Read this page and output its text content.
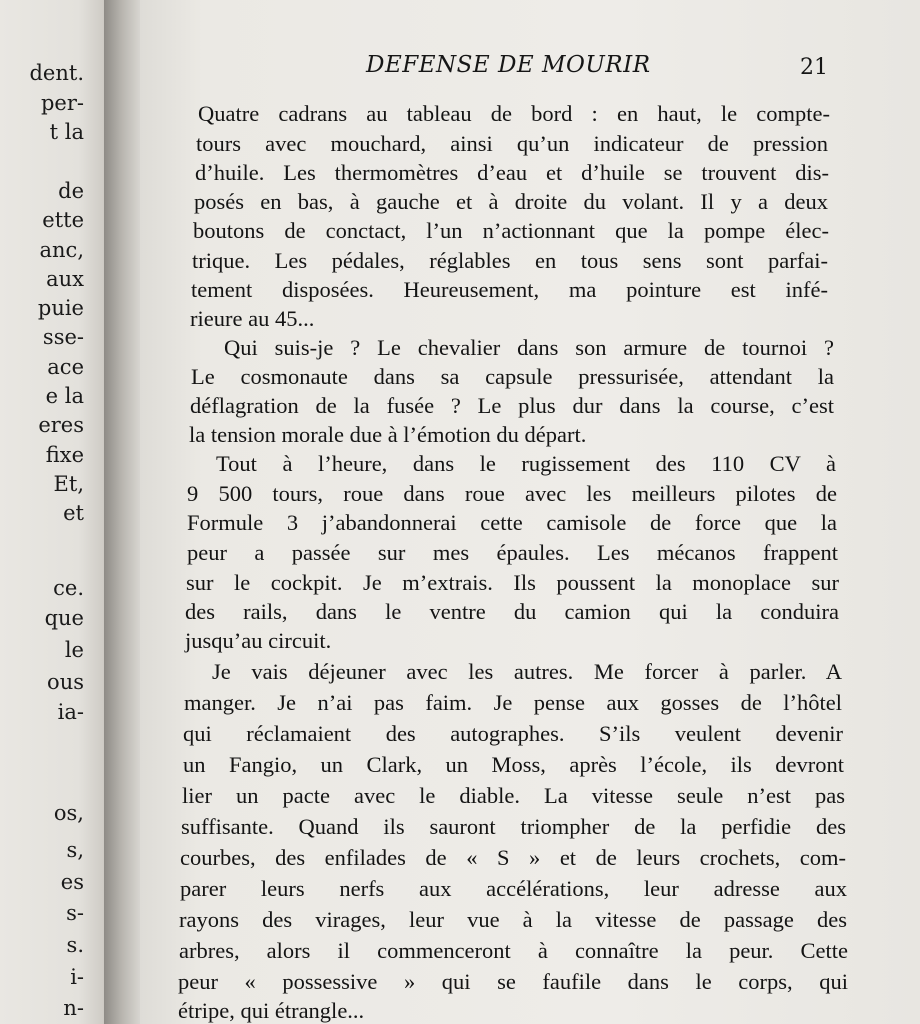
dent.
per-
t la
de
ette
anc,
aux
puie
sse-
ace
e la
eres
fixe
Et,
et
ce.
que
le
ous
ia-
os,
s,
es
s-
s.
i-
n-
DEFENSE DE MOURIR	21
Quatre cadrans au tableau de bord : en haut, le compte-
tours avec mouchard, ainsi qu’un indicateur de pression
d’huile. Les thermomètres d’eau et d’huile se trouvent dis-
posés en bas, à gauche et à droite du volant. Il y a deux
boutons de conctact, l’un n’actionnant que la pompe élec-
trique. Les pédales, réglables en tous sens sont parfai-
tement disposées. Heureusement, ma pointure est infé-
rieure au 45...
Qui suis-je ? Le chevalier dans son armure de tournoi ?
Le cosmonaute dans sa capsule pressurisée, attendant la
déflagration de la fusée ? Le plus dur dans la course, c’est
la tension morale due à l’émotion du départ.
Tout à l’heure, dans le rugissement des 110 CV à
9 500 tours, roue dans roue avec les meilleurs pilotes de
Formule 3 j’abandonnerai cette camisole de force que la
peur a passée sur mes épaules. Les mécanos frappent
sur le cockpit. Je m’extrais. Ils poussent la monoplace sur
des rails, dans le ventre du camion qui la conduira
jusqu’au circuit.
Je vais déjeuner avec les autres. Me forcer à parler. A
manger. Je n’ai pas faim. Je pense aux gosses de l’hôtel
qui réclamaient des autographes. S’ils veulent devenir
un Fangio, un Clark, un Moss, après l’école, ils devront
lier un pacte avec le diable. La vitesse seule n’est pas
suffisante. Quand ils sauront triompher de la perfidie des
courbes, des enfilades de « S » et de leurs crochets, com-
parer leurs nerfs aux accélérations, leur adresse aux
rayons des virages, leur vue à la vitesse de passage des
arbres, alors il commenceront à connaître la peur. Cette
peur « possessive » qui se faufile dans le corps, qui
étripe, qui étrangle...
